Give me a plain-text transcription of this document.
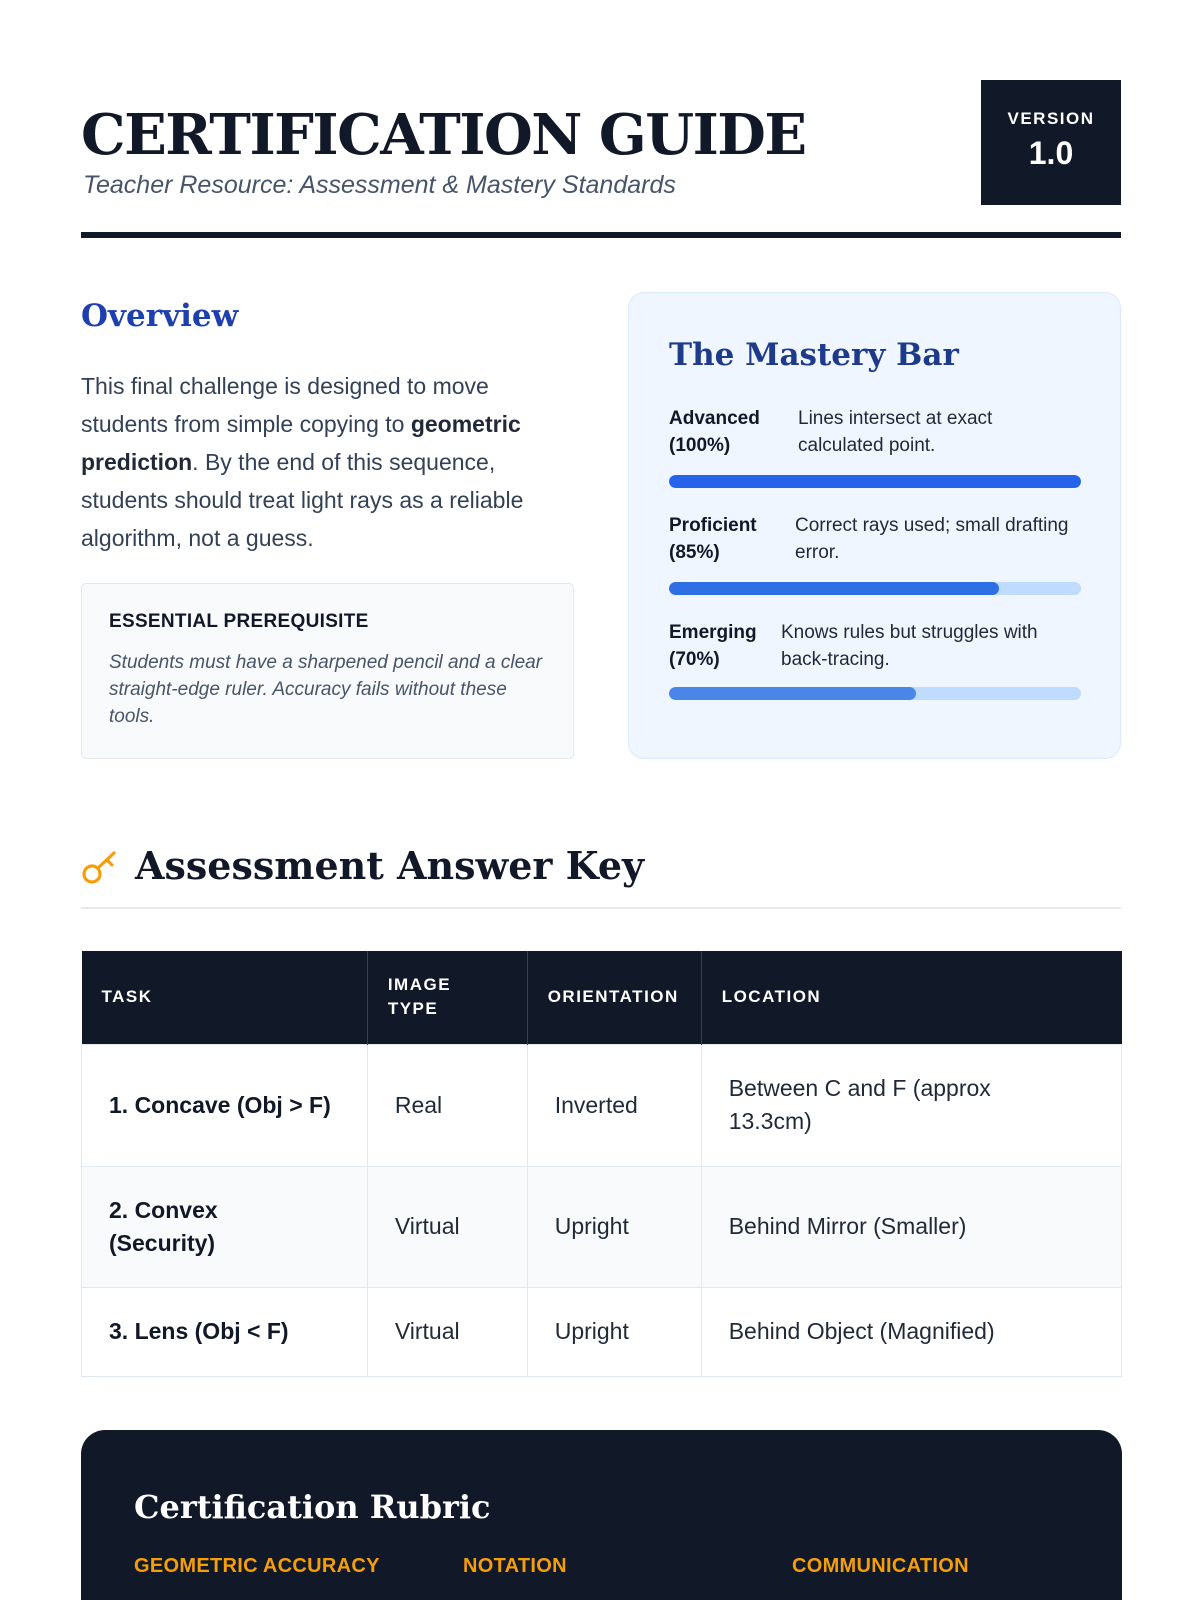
CERTIFICATION GUIDE
Teacher Resource: Assessment & Mastery Standards
VERSION
1.0
Overview

This final challenge is designed to move students from simple copying to geometric prediction. By the end of this sequence, students should treat light rays as a reliable algorithm, not a guess.

ESSENTIAL PREREQUISITE
Students must have a sharpened pencil and a clear straight-edge ruler. Accuracy fails without these tools.
The Mastery Bar
Advanced
(100%)
Lines intersect at exact calculated point.
Proficient
(85%)
Correct rays used; small drafting error.
Emerging
(70%)
Knows rules but struggles with back-tracing.
Assessment Answer Key
TASK	IMAGE TYPE	ORIENTATION	LOCATION
1. Concave (Obj > F)	Real	Inverted	Between C and F (approx 13.3cm)
2. Convex (Security)	Virtual	Upright	Behind Mirror (Smaller)
3. Lens (Obj < F)	Virtual	Upright	Behind Object (Magnified)
Certification Rubric
GEOMETRIC ACCURACY	NOTATION	COMMUNICATION
